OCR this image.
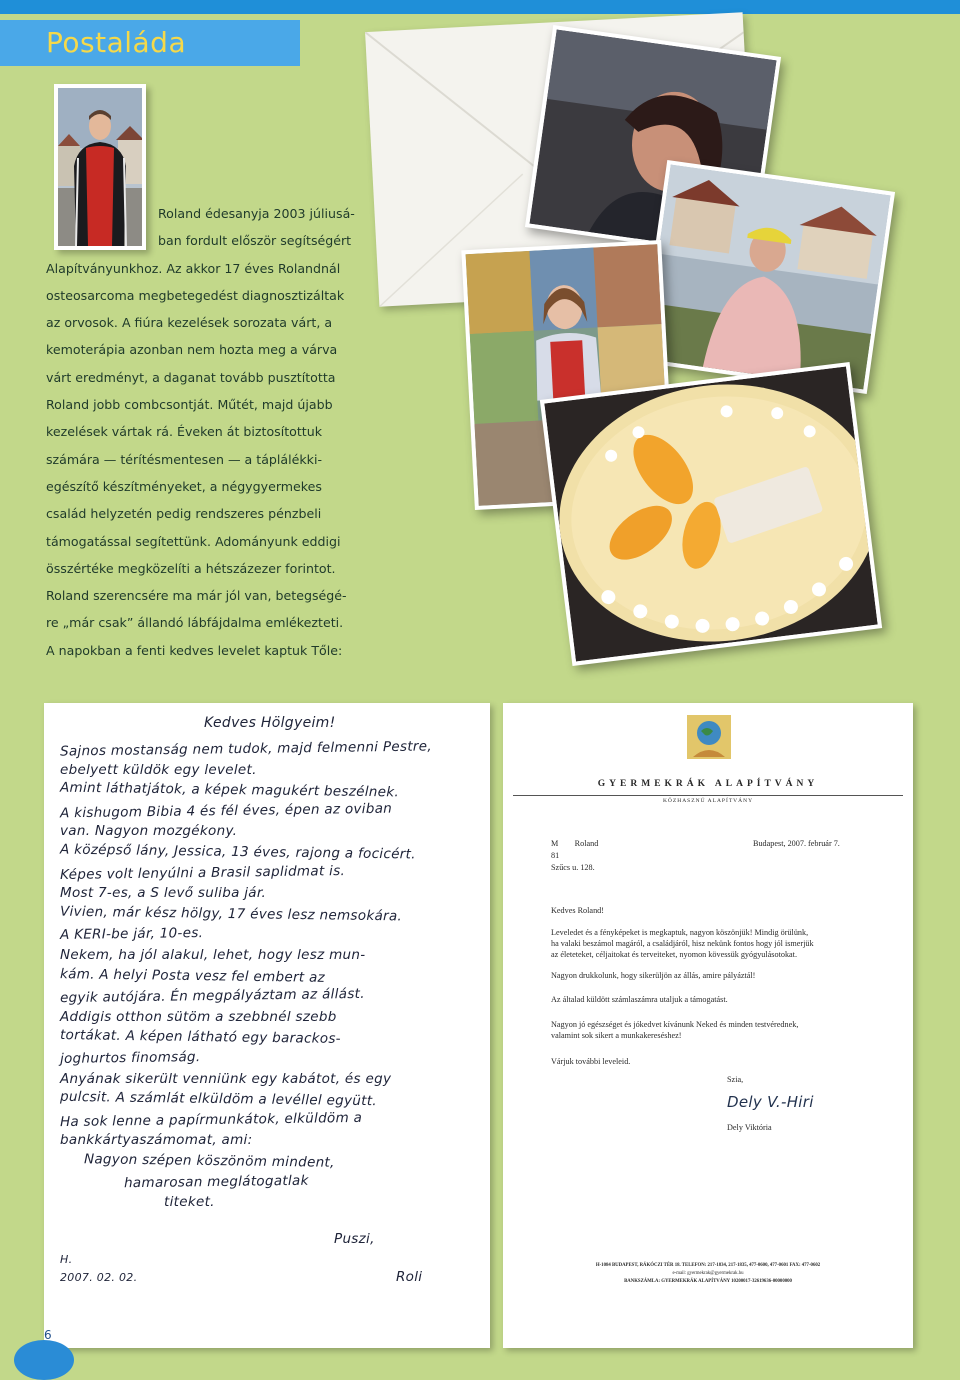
Postaláda
Roland édesanyja 2003 júliusá-
ban fordult először segítségért
Alapítványunkhoz. Az akkor 17 éves Rolandnál
osteosarcoma megbetegedést diagnosztizáltak
az orvosok. A fiúra kezelések sorozata várt, a
kemoterápia azonban nem hozta meg a várva
várt eredményt, a daganat tovább pusztította
Roland jobb combcsontját. Műtét, majd újabb
kezelések vártak rá. Éveken át biztosítottuk
számára — térítésmentesen — a táplálékki-
egészítő készítményeket, a négygyermekes
család helyzetén pedig rendszeres pénzbeli
támogatással segítettünk. Adományunk eddigi
összértéke megközelíti a hétszázezer forintot.
Roland szerencsére ma már jól van, betegségé-
re „már csak” állandó lábfájdalma emlékezteti.
A napokban a fenti kedves levelet kaptuk Tőle:
Kedves Hölgyeim!
Sajnos mostanság nem tudok, majd felmenni Pestre,
ebelyett küldök egy levelet.
Amint láthatjátok, a képek magukért beszélnek.
A kishugom Bibia 4 és fél éves, épen az oviban
van. Nagyon mozgékony.
A középső lány, Jessica, 13 éves, rajong a focicért.
Képes volt lenyúlni a Brasil saplidmat is.
Most 7-es, a S levő suliba jár.
Vivien, már kész hölgy, 17 éves lesz nemsokára.
A KERI-be jár, 10-es.
Nekem, ha jól alakul, lehet, hogy lesz mun-
kám. A helyi Posta vesz fel embert az
egyik autójára. Én megpályáztam az állást.
Addigis otthon sütöm a szebbnél szebb
tortákat. A képen látható egy barackos-
joghurtos finomság.
Anyának sikerült venniünk egy kabátot, és egy
pulcsit. A számlát elküldöm a levéllel együtt.
Ha sok lenne a papírmunkátok, elküldöm a
bankkártyaszámomat, ami:
Nagyon szépen köszönöm mindent,
hamarosan meglátogatlak
titeket.
Puszi,
Roli
H.
2007. 02. 02.
GYERMEKRÁK ALAPÍTVÁNY
KÖZHASZNÚ ALAPÍTVÁNY
M        Roland
81
Szűcs u. 128.
Budapest, 2007. február 7.
Kedves Roland!
Leveledet és a fényképeket is megkaptuk, nagyon köszönjük! Mindig örülünk,
ha valaki beszámol magáról, a családjáról, hisz nekünk fontos hogy jól ismerjük
az életeteket, céljaitokat és terveiteket, nyomon kövessük gyógyulásotokat.
Nagyon drukkolunk, hogy sikerüljön az állás, amire pályáztál!
Az általad küldött számlaszámra utaljuk a támogatást.
Nagyon jó egészséget és jókedvet kívánunk Neked és minden testvérednek,
valamint sok sikert a munkakereséshez!
Várjuk további leveleid.
Szia,
Dely V.-Hiri
Dely Viktória
H-1084 BUDAPEST, RÁKÓCZI TÉR 18. TELEFON: 217-1834, 217-1835, 477-0600, 477-0601 FAX: 477-0602
e-mail: gyermekrak@gyermekrak.hu
BANKSZÁMLA: GYERMEKRÁK ALAPÍTVÁNY 10200017-32619636-00000000
6
